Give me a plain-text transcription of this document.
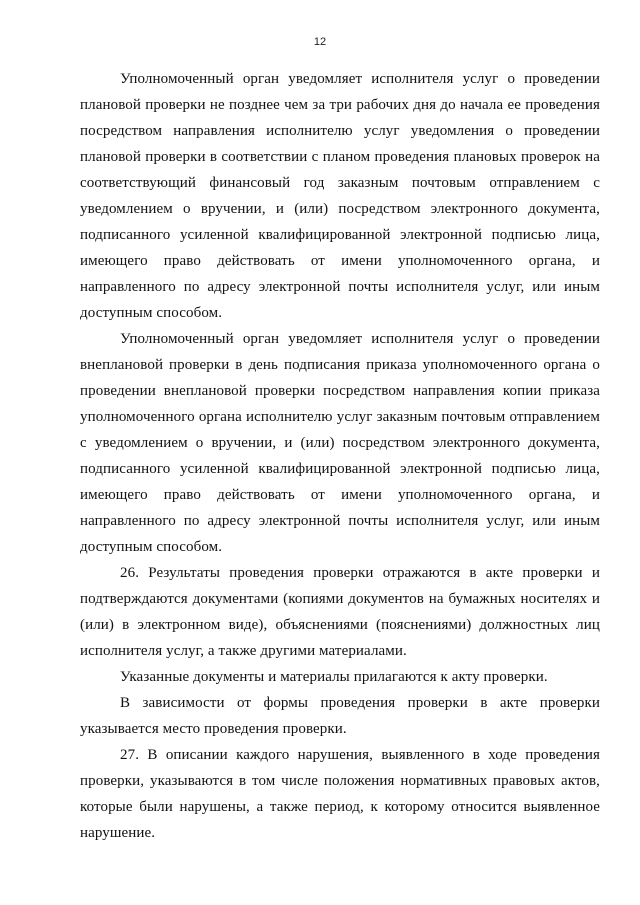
12

Уполномоченный орган уведомляет исполнителя услуг о проведении плановой проверки не позднее чем за три рабочих дня до начала ее проведения посредством направления исполнителю услуг уведомления о проведении плановой проверки в соответствии с планом проведения плановых проверок на соответствующий финансовый год заказным почтовым отправлением с уведомлением о вручении, и (или) посредством электронного документа, подписанного усиленной квалифицированной электронной подписью лица, имеющего право действовать от имени уполномоченного органа, и направленного по адресу электронной почты исполнителя услуг, или иным доступным способом.

Уполномоченный орган уведомляет исполнителя услуг о проведении внеплановой проверки в день подписания приказа уполномоченного органа о проведении внеплановой проверки посредством направления копии приказа уполномоченного органа исполнителю услуг заказным почтовым отправлением с уведомлением о вручении, и (или) посредством электронного документа, подписанного усиленной квалифицированной электронной подписью лица, имеющего право действовать от имени уполномоченного органа, и направленного по адресу электронной почты исполнителя услуг, или иным доступным способом.

26. Результаты проведения проверки отражаются в акте проверки и подтверждаются документами (копиями документов на бумажных носителях и (или) в электронном виде), объяснениями (пояснениями) должностных лиц исполнителя услуг, а также другими материалами.

Указанные документы и материалы прилагаются к акту проверки.

В зависимости от формы проведения проверки в акте проверки указывается место проведения проверки.

27. В описании каждого нарушения, выявленного в ходе проведения проверки, указываются в том числе положения нормативных правовых актов, которые были нарушены, а также период, к которому относится выявленное нарушение.
